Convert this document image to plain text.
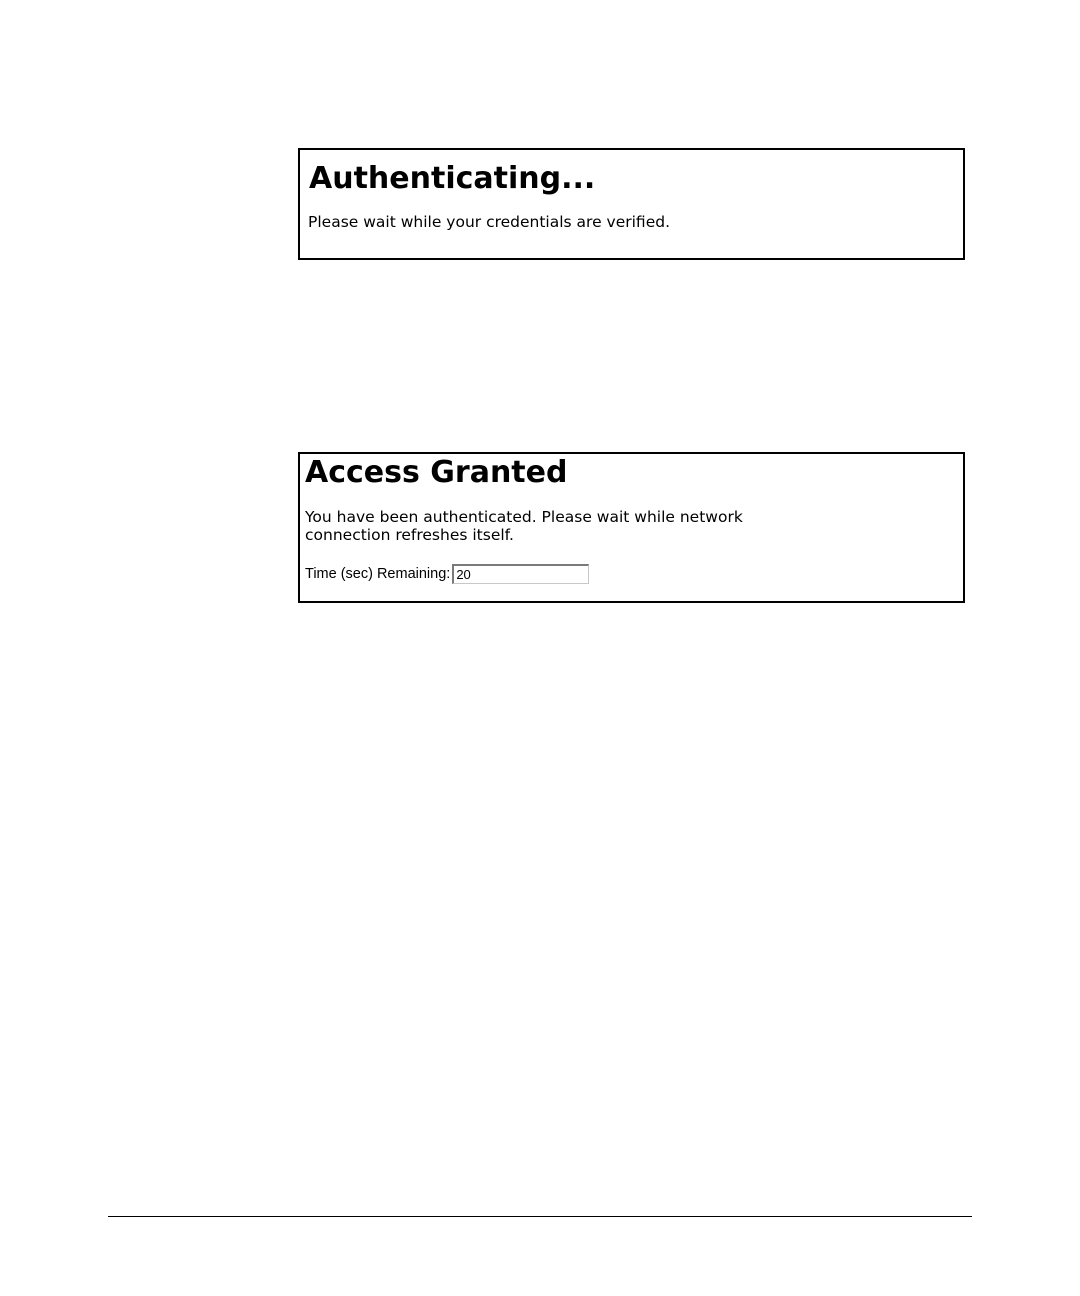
Authenticating...
Please wait while your credentials are verified.
Access Granted
You have been authenticated. Please wait while network
connection refreshes itself.
Time (sec) Remaining:
20
